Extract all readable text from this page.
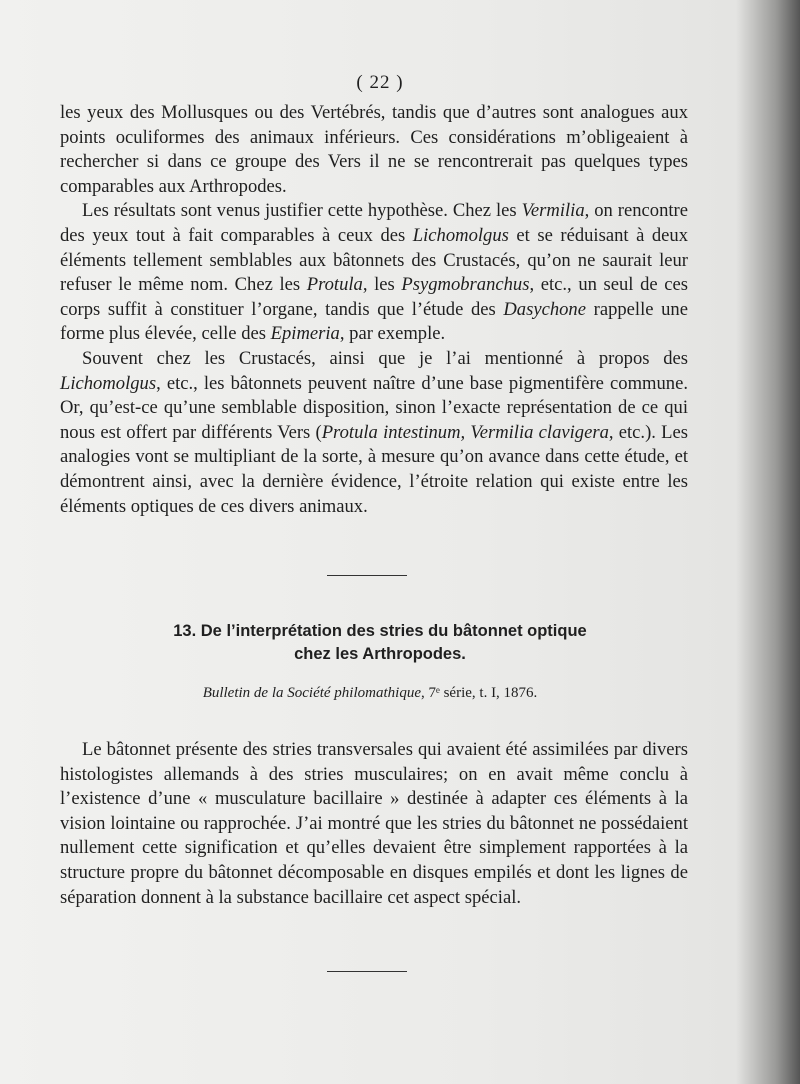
( 22 )

les yeux des Mollusques ou des Vertébrés, tandis que d’autres sont analogues aux points oculiformes des animaux inférieurs. Ces considérations m’obligeaient à rechercher si dans ce groupe des Vers il ne se rencontrerait pas quelques types comparables aux Arthropodes.

Les résultats sont venus justifier cette hypothèse. Chez les Vermilia, on rencontre des yeux tout à fait comparables à ceux des Lichomolgus et se réduisant à deux éléments tellement semblables aux bâtonnets des Crustacés, qu’on ne saurait leur refuser le même nom. Chez les Protula, les Psygmobranchus, etc., un seul de ces corps suffit à constituer l’organe, tandis que l’étude des Dasychone rappelle une forme plus élevée, celle des Epimeria, par exemple.

Souvent chez les Crustacés, ainsi que je l’ai mentionné à propos des Lichomolgus, etc., les bâtonnets peuvent naître d’une base pigmentifère commune. Or, qu’est-ce qu’une semblable disposition, sinon l’exacte représentation de ce qui nous est offert par différents Vers (Protula intestinum, Vermilia clavigera, etc.). Les analogies vont se multipliant de la sorte, à mesure qu’on avance dans cette étude, et démontrent ainsi, avec la dernière évidence, l’étroite relation qui existe entre les éléments optiques de ces divers animaux.

13. De l’interprétation des stries du bâtonnet optique
chez les Arthropodes.
Bulletin de la Société philomathique, 7ᵉ série, t. I, 1876.

Le bâtonnet présente des stries transversales qui avaient été assimilées par divers histologistes allemands à des stries musculaires; on en avait même conclu à l’existence d’une « musculature bacillaire » destinée à adapter ces éléments à la vision lointaine ou rapprochée. J’ai montré que les stries du bâtonnet ne possédaient nullement cette signification et qu’elles devaient être simplement rapportées à la structure propre du bâtonnet décomposable en disques empilés et dont les lignes de séparation donnent à la substance bacillaire cet aspect spécial.
